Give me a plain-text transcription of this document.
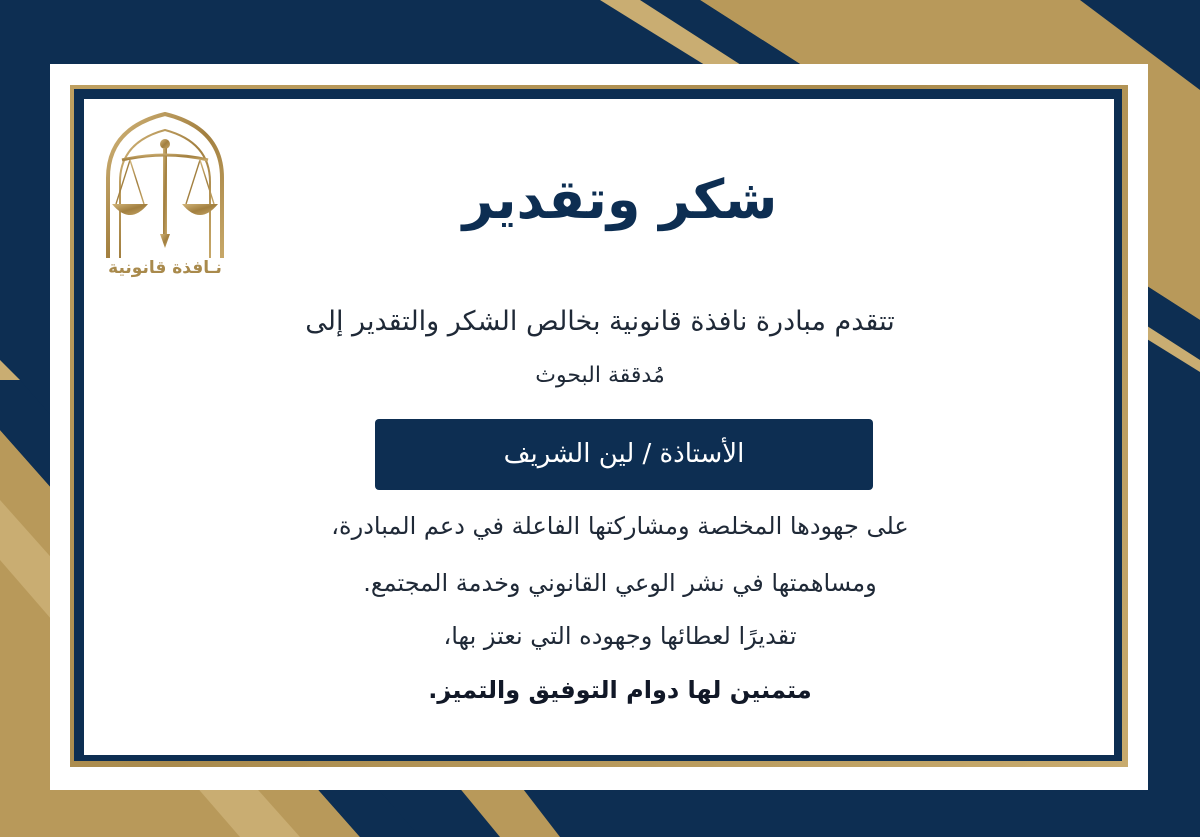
نـافذة قانونية
شكر وتقدير
تتقدم مبادرة نافذة قانونية بخالص الشكر والتقدير إلى
مُدققة البحوث
الأستاذة / لين الشريف
على جهودها المخلصة ومشاركتها الفاعلة في دعم المبادرة،
ومساهمتها في نشر الوعي القانوني وخدمة المجتمع.
تقديرًا لعطائها وجهوده التي نعتز بها،
متمنين لها دوام التوفيق والتميز.
